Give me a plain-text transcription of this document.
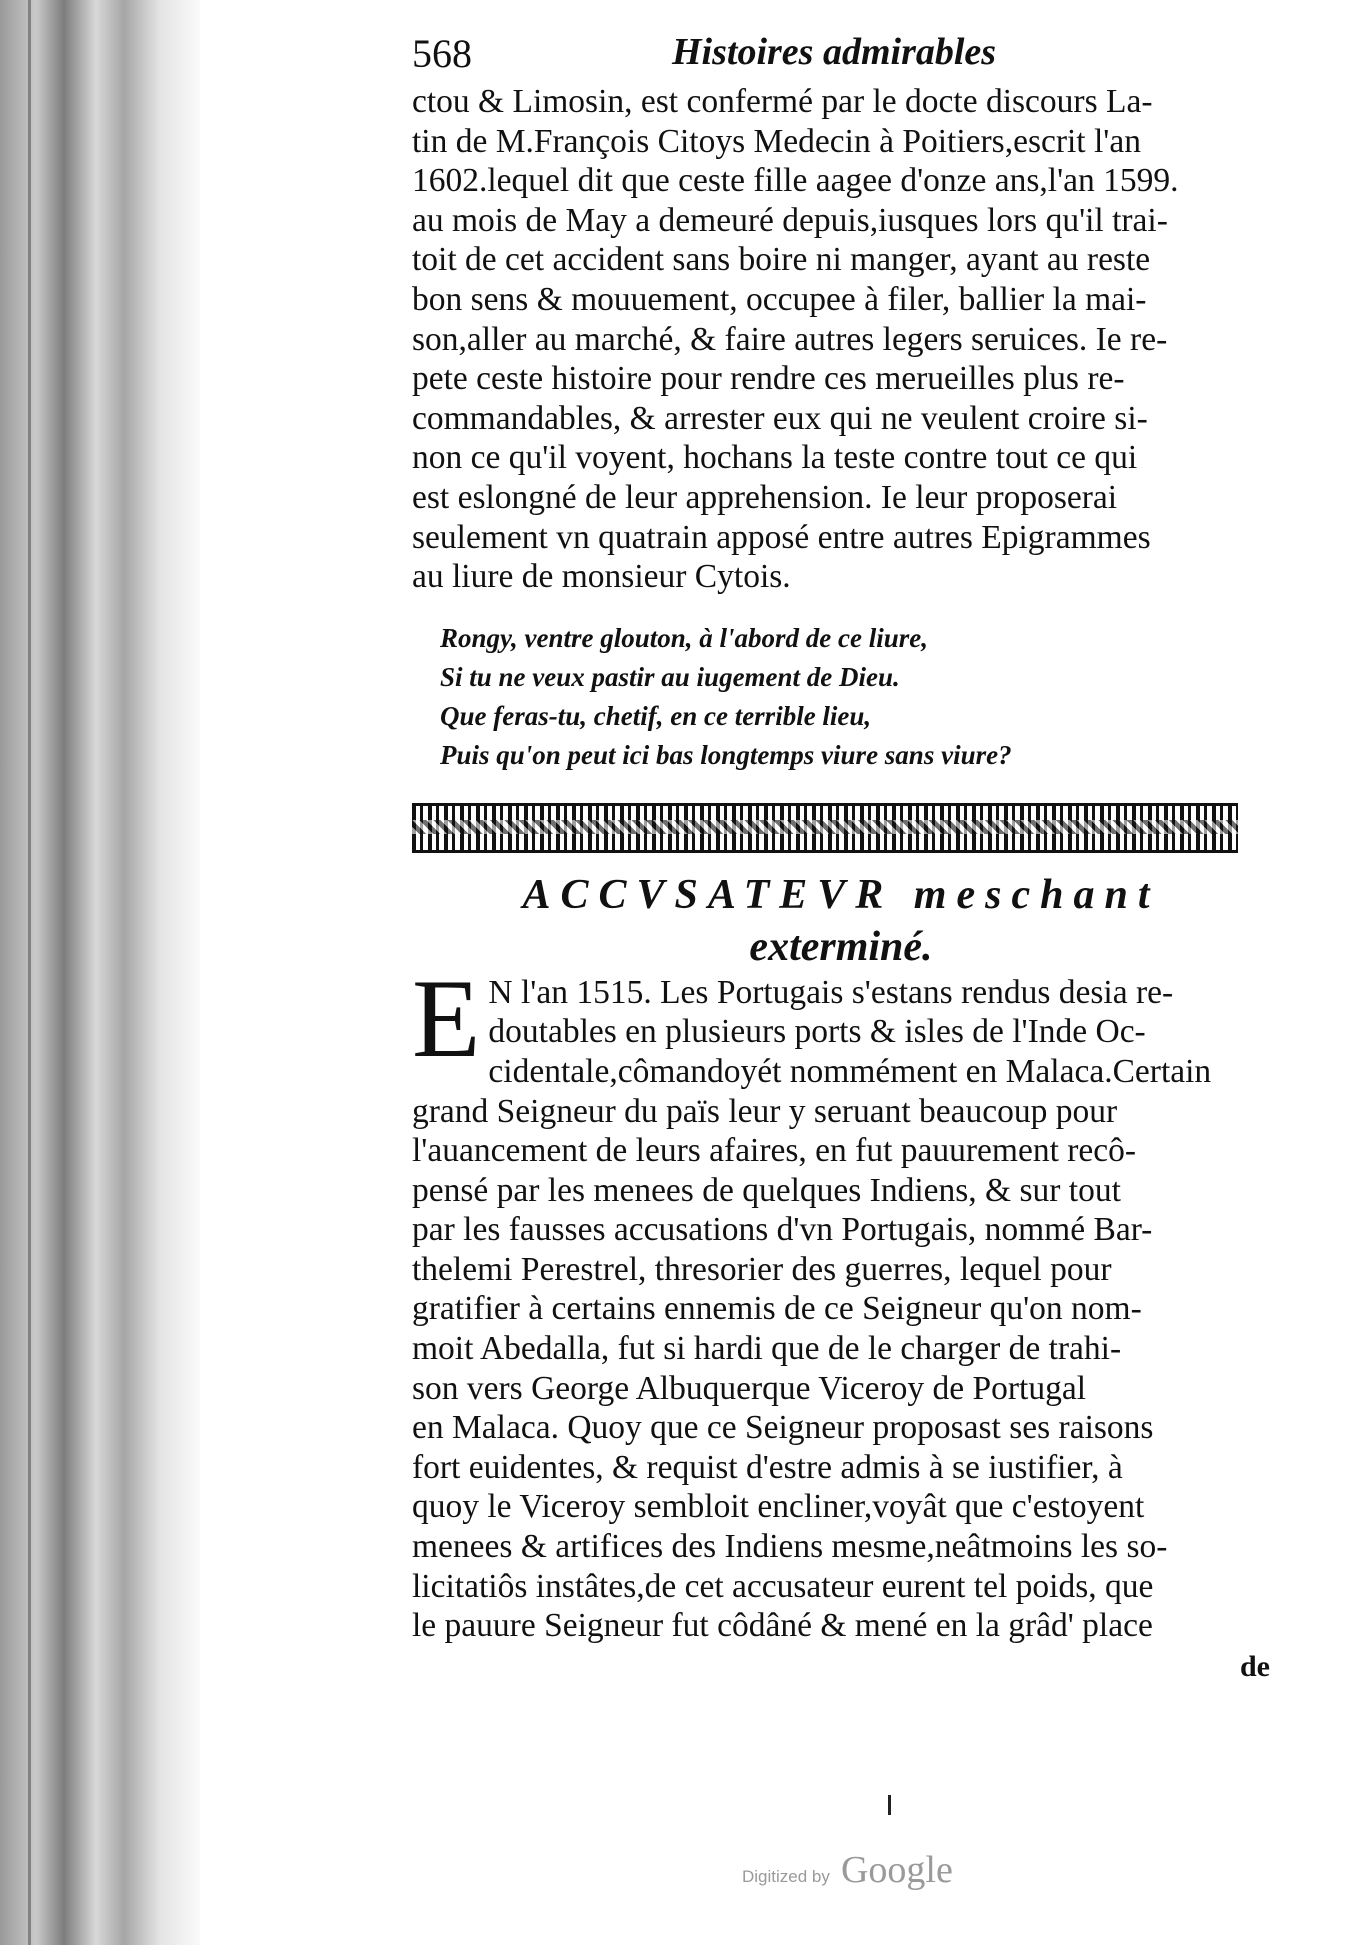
568	Histoires admirables

ctou & Limosin, est confermé par le docte discours La-
tin de M.François Citoys Medecin à Poitiers,escrit l'an
1602.lequel dit que ceste fille aagee d'onze ans,l'an 1599.
au mois de May a demeuré depuis,iusques lors qu'il trai-
toit de cet accident sans boire ni manger, ayant au reste
bon sens & mouuement, occupee à filer, ballier la mai-
son,aller au marché, & faire autres legers seruices. Ie re-
pete ceste histoire pour rendre ces merueilles plus re-
commandables, & arrester eux qui ne veulent croire si-
non ce qu'il voyent, hochans la teste contre tout ce qui
est eslongné de leur apprehension. Ie leur proposerai
seulement vn quatrain apposé entre autres Epigrammes
au liure de monsieur Cytois.

Rongy, ventre glouton, à l'abord de ce liure,
Si tu ne veux pastir au iugement de Dieu.
Que feras-tu, chetif, en ce terrible lieu,
Puis qu'on peut ici bas longtemps viure sans viure?
ACCVSATEVR meschant
exterminé.

E N l'an 1515. Les Portugais s'estans rendus desia re-
doutables en plusieurs ports & isles de l'Inde Oc-
cidentale,cômandoyét nommément en Malaca.Certain
grand Seigneur du païs leur y seruant beaucoup pour
l'auancement de leurs afaires, en fut pauurement recô-
pensé par les menees de quelques Indiens, & sur tout
par les fausses accusations d'vn Portugais, nommé Bar-
thelemi Perestrel, thresorier des guerres, lequel pour
gratifier à certains ennemis de ce Seigneur qu'on nom-
moit Abedalla, fut si hardi que de le charger de trahi-
son vers George Albuquerque Viceroy de Portugal
en Malaca. Quoy que ce Seigneur proposast ses raisons
fort euidentes, & requist d'estre admis à se iustifier, à
quoy le Viceroy sembloit encliner,voyât que c'estoyent
menees & artifices des Indiens mesme,neâtmoins les so-
licitatiôs instâtes,de cet accusateur eurent tel poids, que
le pauure Seigneur fut côdâné & mené en la grâd' place

de
Digitized by Google
